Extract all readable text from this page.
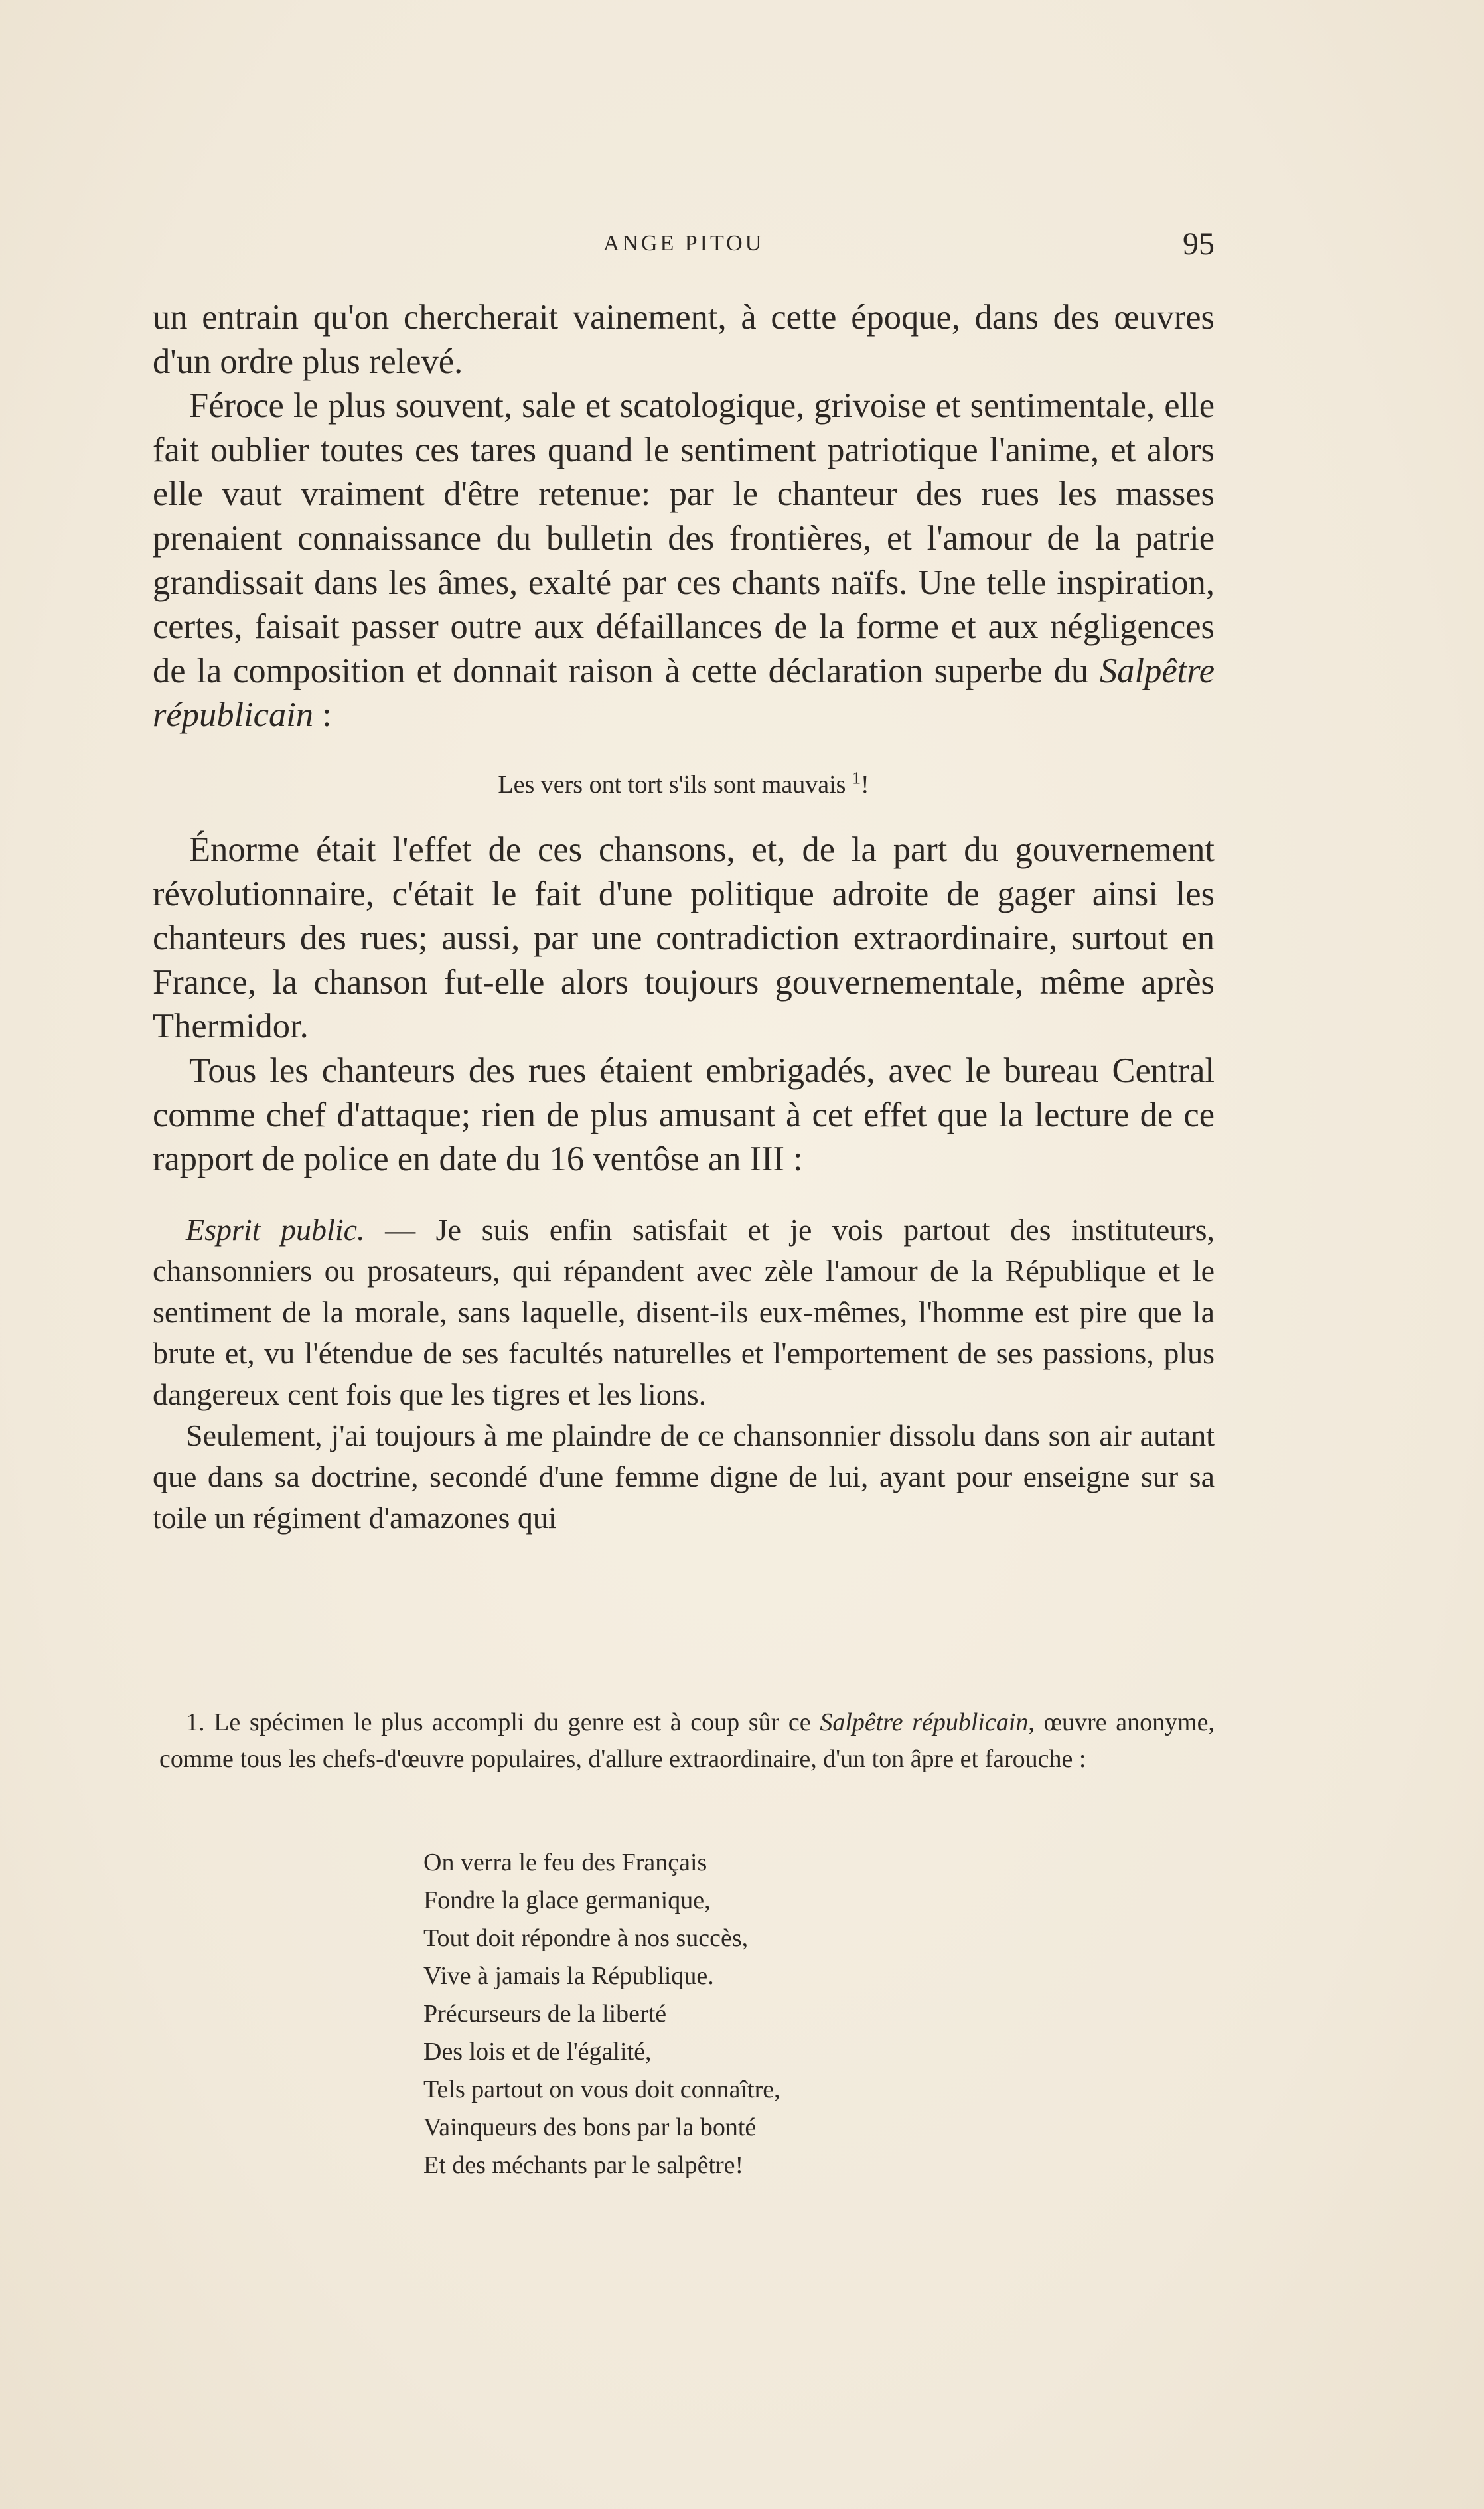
ANGE PITOU	95

un entrain qu'on chercherait vainement, à cette époque, dans des œuvres d'un ordre plus relevé.

Féroce le plus souvent, sale et scatologique, grivoise et sentimentale, elle fait oublier toutes ces tares quand le sentiment patriotique l'anime, et alors elle vaut vraiment d'être retenue: par le chanteur des rues les masses prenaient connaissance du bulletin des frontières, et l'amour de la patrie grandissait dans les âmes, exalté par ces chants naïfs. Une telle inspiration, certes, faisait passer outre aux défaillances de la forme et aux négligences de la composition et donnait raison à cette déclaration superbe du Salpêtre républicain :

Les vers ont tort s'ils sont mauvais $^1$!

Énorme était l'effet de ces chansons, et, de la part du gouvernement révolutionnaire, c'était le fait d'une politique adroite de gager ainsi les chanteurs des rues; aussi, par une contradiction extraordinaire, surtout en France, la chanson fut-elle alors toujours gouvernementale, même après Thermidor.

Tous les chanteurs des rues étaient embrigadés, avec le bureau Central comme chef d'attaque; rien de plus amusant à cet effet que la lecture de ce rapport de police en date du 16 ventôse an III :

Esprit public. — Je suis enfin satisfait et je vois partout des instituteurs, chansonniers ou prosateurs, qui répandent avec zèle l'amour de la République et le sentiment de la morale, sans laquelle, disent-ils eux-mêmes, l'homme est pire que la brute et, vu l'étendue de ses facultés naturelles et l'emportement de ses passions, plus dangereux cent fois que les tigres et les lions.

Seulement, j'ai toujours à me plaindre de ce chansonnier dissolu dans son air autant que dans sa doctrine, secondé d'une femme digne de lui, ayant pour enseigne sur sa toile un régiment d'amazones qui

1. Le spécimen le plus accompli du genre est à coup sûr ce Salpêtre républicain, œuvre anonyme, comme tous les chefs-d'œuvre populaires, d'allure extraordinaire, d'un ton âpre et farouche :

On verra le feu des Français
Fondre la glace germanique,
Tout doit répondre à nos succès,
Vive à jamais la République.
Précurseurs de la liberté
Des lois et de l'égalité,
Tels partout on vous doit connaître,
Vainqueurs des bons par la bonté
Et des méchants par le salpêtre!
